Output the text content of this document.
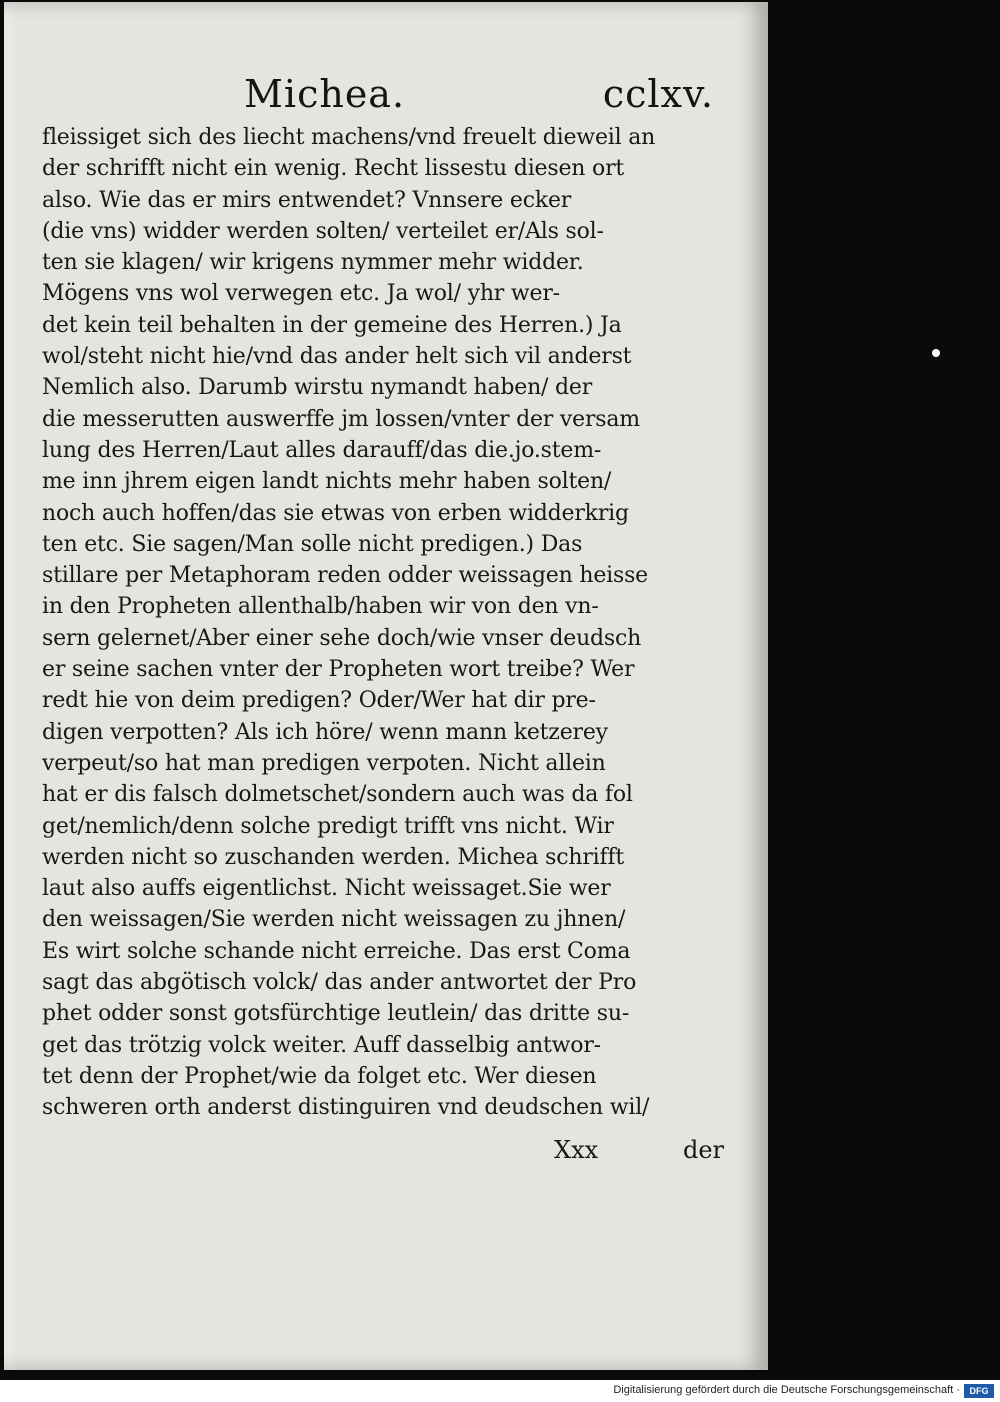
Michea.	cclxv.
fleissiget sich des liecht machens/vnd freuelt dieweil an
der schrifft nicht ein wenig. Recht lissestu diesen ort
also. Wie das er mirs entwendet? Vnnsere ecker
(die vns) widder werden solten/ verteilet er/Als sol-
ten sie klagen/ wir krigens nymmer mehr widder.
Mögens vns wol verwegen etc. Ja wol/ yhr wer-
det kein teil behalten in der gemeine des Herren.) Ja
wol/steht nicht hie/vnd das ander helt sich vil anderst
Nemlich also. Darumb wirstu nymandt haben/ der
die messerutten auswerffe jm lossen/vnter der versam
lung des Herren/Laut alles darauff/das die.jo.stem-
me inn jhrem eigen landt nichts mehr haben solten/
noch auch hoffen/das sie etwas von erben widderkrig
ten etc. Sie sagen/Man solle nicht predigen.) Das
stillare per Metaphoram reden odder weissagen heisse
in den Propheten allenthalb/haben wir von den vn-
sern gelernet/Aber einer sehe doch/wie vnser deudsch
er seine sachen vnter der Propheten wort treibe? Wer
redt hie von deim predigen? Oder/Wer hat dir pre-
digen verpotten? Als ich höre/ wenn mann ketzerey
verpeut/so hat man predigen verpoten. Nicht allein
hat er dis falsch dolmetschet/sondern auch was da fol
get/nemlich/denn solche predigt trifft vns nicht. Wir
werden nicht so zuschanden werden. Michea schrifft
laut also auffs eigentlichst. Nicht weissaget.Sie wer
den weissagen/Sie werden nicht weissagen zu jhnen/
Es wirt solche schande nicht erreiche. Das erst Coma
sagt das abgötisch volck/ das ander antwortet der Pro
phet odder sonst gotsfürchtige leutlein/ das dritte su-
get das trötzig volck weiter. Auff dasselbig antwor-
tet denn der Prophet/wie da folget etc. Wer diesen
schweren orth anderst distinguiren vnd deudschen wil/
Xxx	der
Digitalisierung gefördert durch die Deutsche Forschungsgemeinschaft ·	DFG
